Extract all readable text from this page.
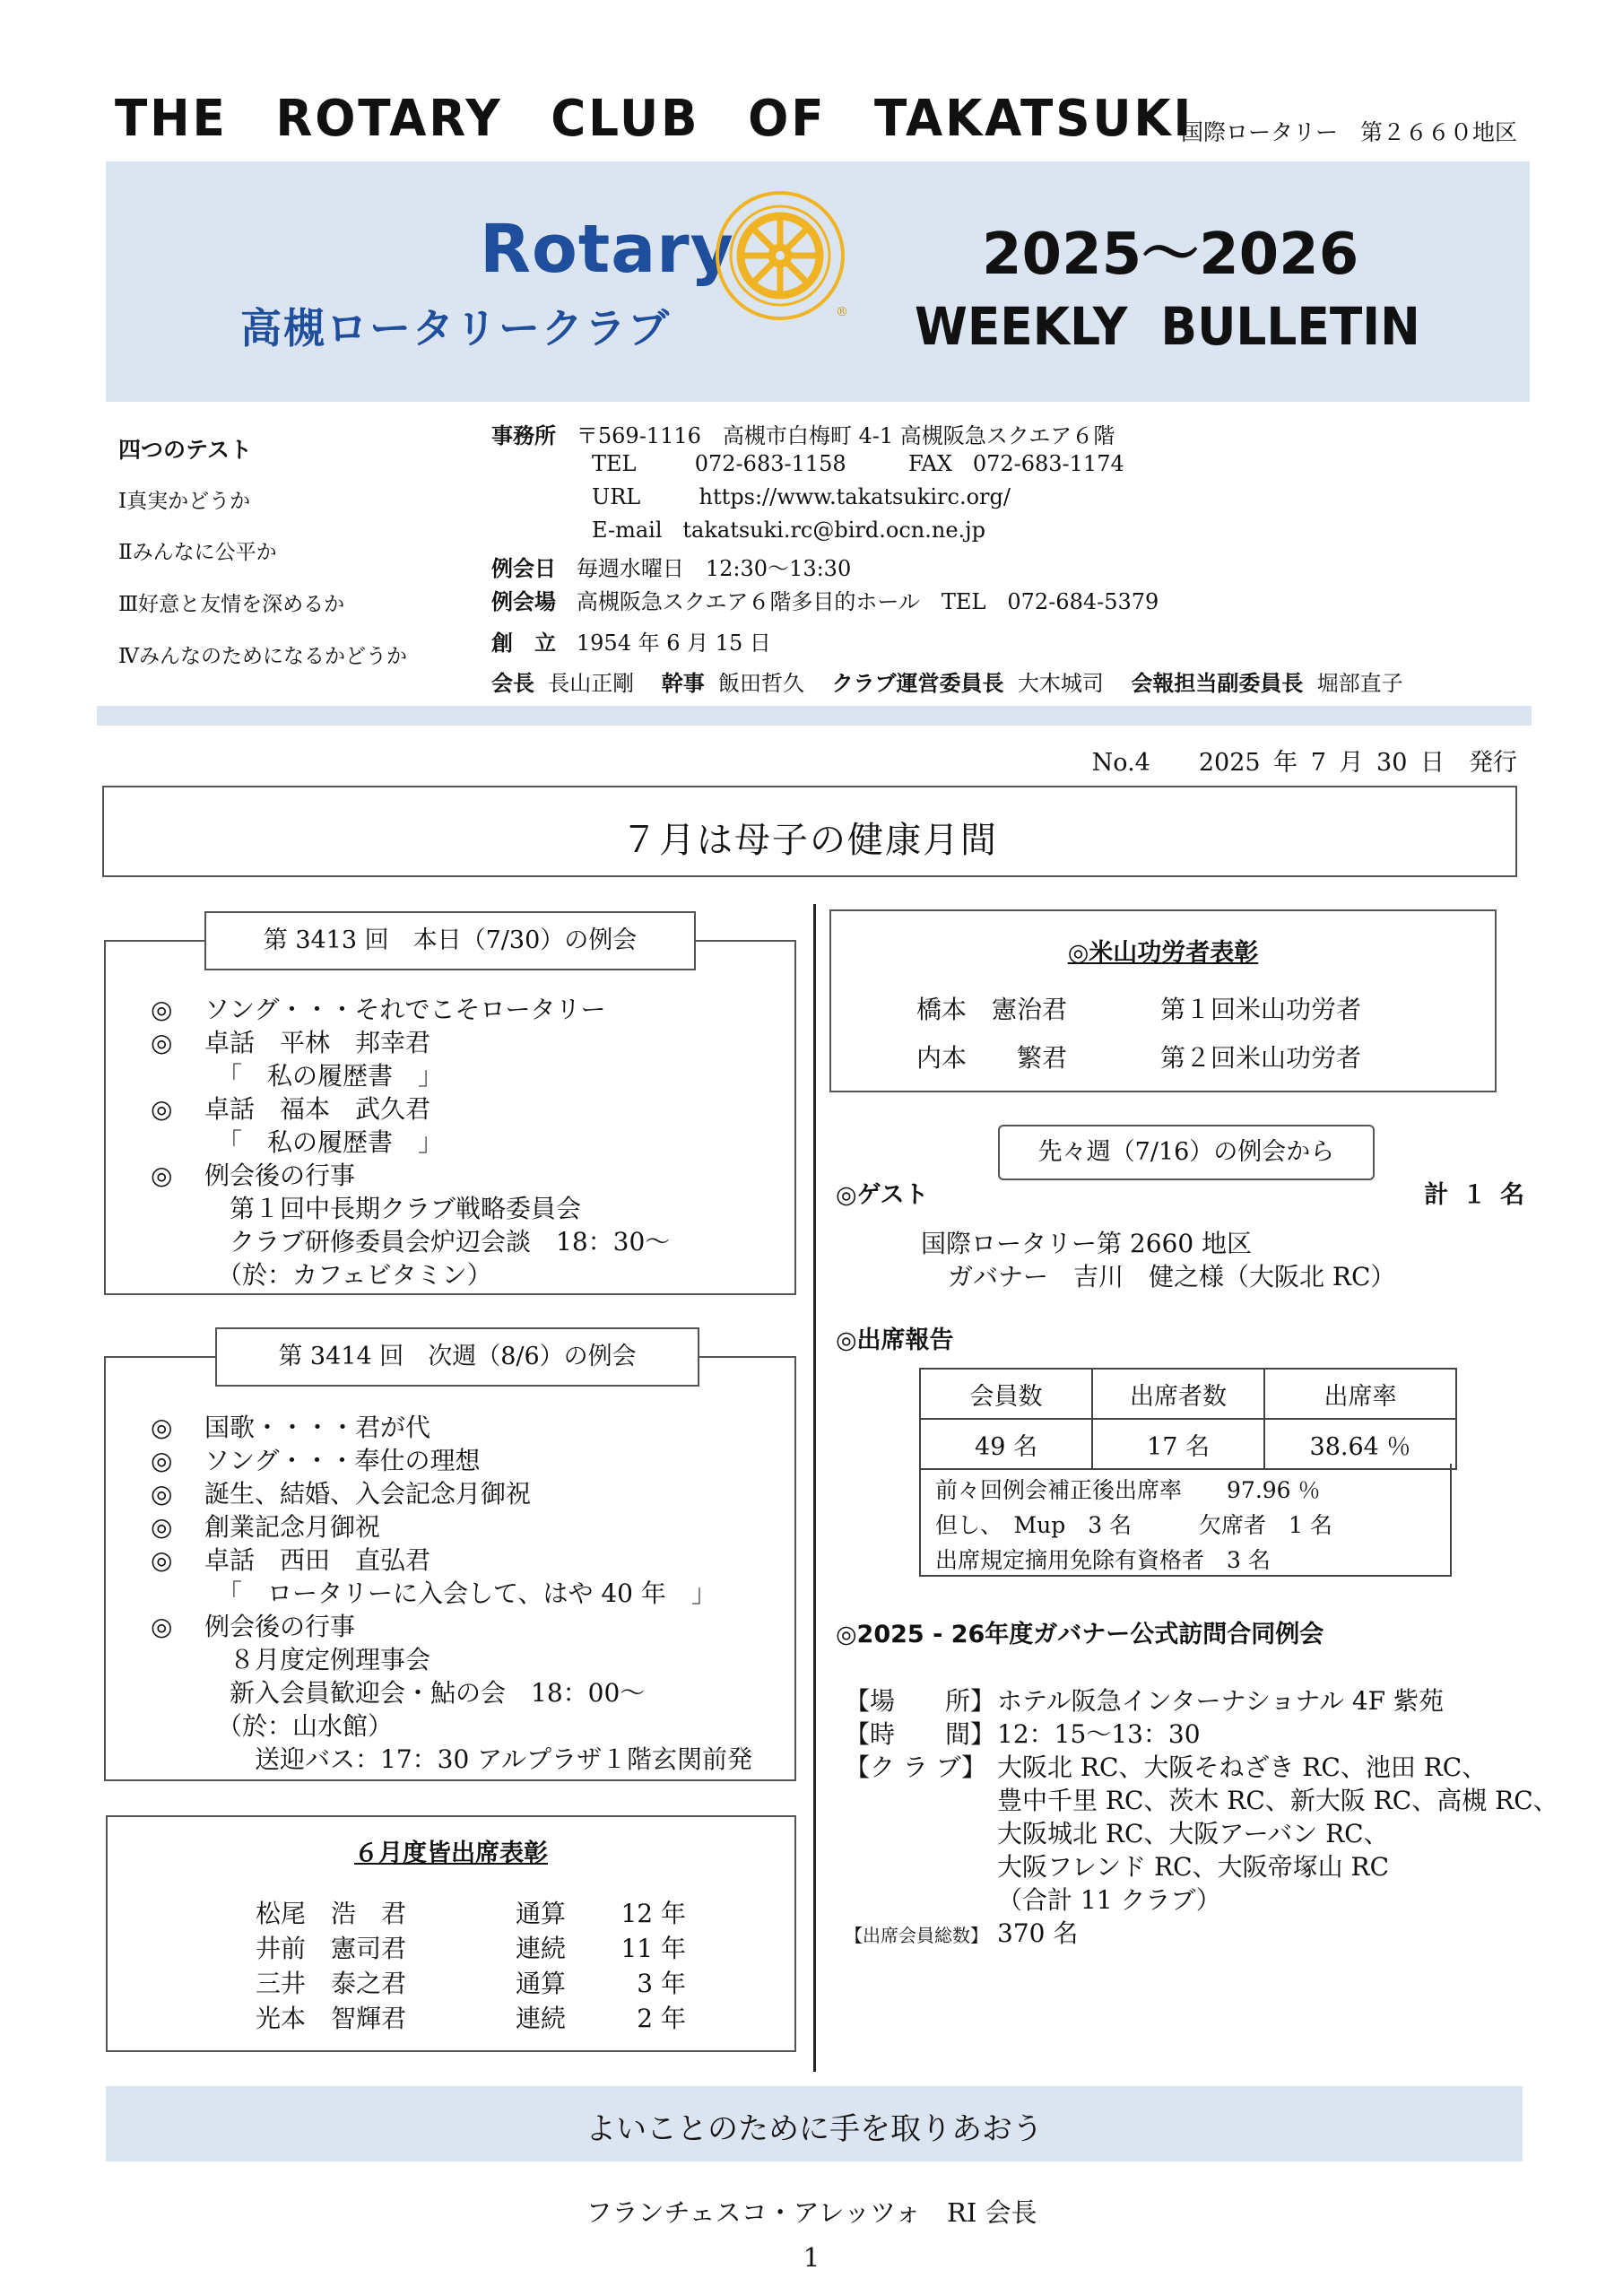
THE ROTARY CLUB OF TAKATSUKI
国際ロータリー　第２６６０地区
Rotary
®
高槻ロータリークラブ
2025～2026
WEEKLY BULLETIN
四つのテスト
Ⅰ真実かどうか
Ⅱみんなに公平か
Ⅲ好意と友情を深めるか
Ⅳみんなのためになるかどうか
事務所 〒569-1116　高槻市白梅町 4-1 高槻阪急スクエア６階
TEL	072-683-1158	FAX 072-683-1174
URL	https://www.takatsukirc.org/
E-mail takatsuki.rc@bird.ocn.ne.jp
例会日 毎週水曜日　12:30～13:30
例会場 高槻阪急スクエア６階多目的ホール　TEL　072-684-5379
創　立 1954 年 6 月 15 日
会長 長山正剛 幹事 飯田哲久 クラブ運営委員長 大木城司 会報担当副委員長 堀部直子
No.4　　2025 年 7 月 30 日　発行
７月は母子の健康月間
第 3413 回　本日（7/30）の例会
◎ ソング・・・それでこそロータリー
◎ 卓話　平林　邦幸君
　「　私の履歴書　」
◎ 卓話　福本　武久君
　「　私の履歴書　」
◎ 例会後の行事
　第１回中長期クラブ戦略委員会
　クラブ研修委員会炉辺会談　18：30～
　（於：カフェビタミン）
第 3414 回　次週（8/6）の例会
◎ 国歌・・・・君が代
◎ ソング・・・奉仕の理想
◎ 誕生、結婚、入会記念月御祝
◎ 創業記念月御祝
◎ 卓話　西田　直弘君
　「　ロータリーに入会して、はや 40 年　」
◎ 例会後の行事
　８月度定例理事会
　新入会員歓迎会・鮎の会　18：00～
　（於：山水館）
　　送迎バス：17：30 アルプラザ１階玄関前発
６月度皆出席表彰
松尾　浩　君	通算 12 年
井前　憲司君	連続 11 年
三井　泰之君	通算	3 年
光本　智輝君	連続	2 年
◎米山功労者表彰
橋本　憲治君	第１回米山功労者
内本　　繁君	第２回米山功労者
先々週（7/16）の例会から
◎ゲスト	計 １ 名
国際ロータリー第 2660 地区
ガバナー　吉川　健之様（大阪北 RC）
◎出席報告
会員数	出席者数	出席率
49 名	17 名	38.64 ％
前々回例会補正後出席率　　97.96 ％
但し、　Mup　3 名　　　欠席者　1 名
出席規定摘用免除有資格者　3 名
◎2025 - 26年度ガバナー公式訪問合同例会
【場　　所】ホテル阪急インターナショナル 4F 紫苑
【時　　間】12：15～13：30
【ク ラ ブ】 大阪北 RC、大阪そねざき RC、池田 RC、
豊中千里 RC、茨木 RC、新大阪 RC、高槻 RC、
大阪城北 RC、大阪アーバン RC、
大阪フレンド RC、大阪帝塚山 RC
（合計 11 クラブ）
【出席会員総数】 370 名
よいことのために手を取りあおう
フランチェスコ・アレッツォ　RI 会長
1
